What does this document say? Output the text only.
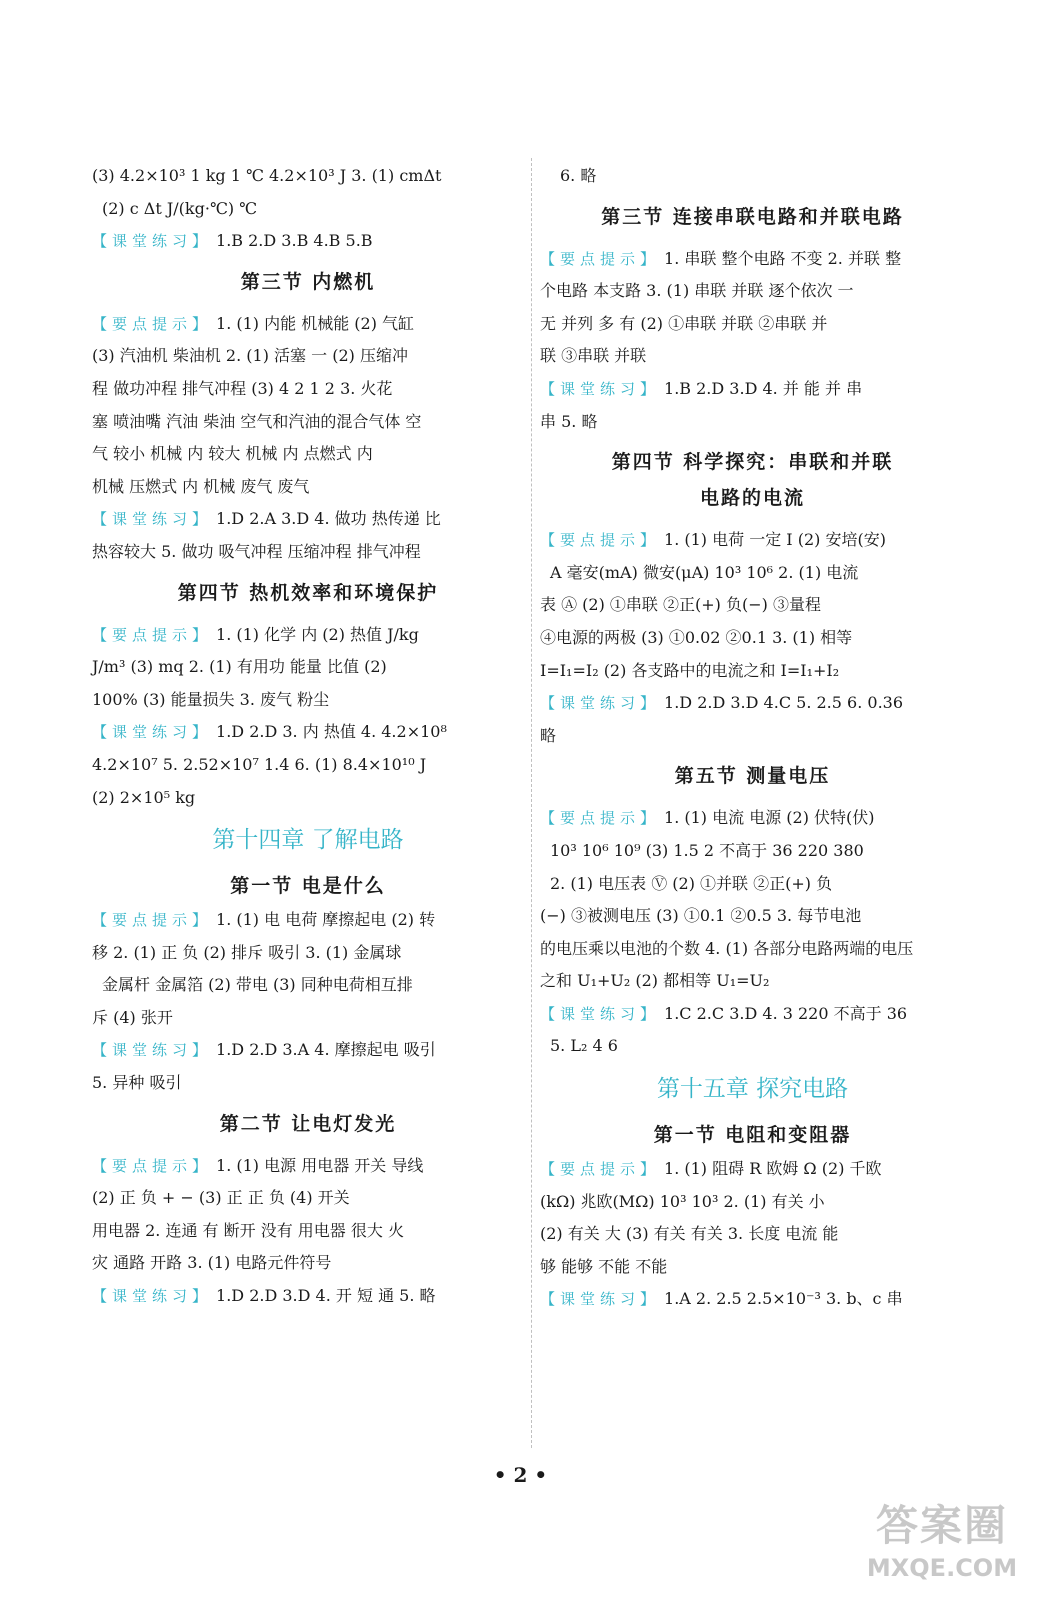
(3) 4.2×10³ 1 kg 1 ℃ 4.2×10³ J 3. (1) cmΔt

(2) c Δt J/(kg·℃) ℃

【课堂练习】 1.B 2.D 3.B 4.B 5.B

第三节 内燃机

【要点提示】 1. (1) 内能 机械能 (2) 气缸

(3) 汽油机 柴油机 2. (1) 活塞 一 (2) 压缩冲

程 做功冲程 排气冲程 (3) 4 2 1 2 3. 火花

塞 喷油嘴 汽油 柴油 空气和汽油的混合气体 空

气 较小 机械 内 较大 机械 内 点燃式 内

机械 压燃式 内 机械 废气 废气

【课堂练习】 1.D 2.A 3.D 4. 做功 热传递 比

热容较大 5. 做功 吸气冲程 压缩冲程 排气冲程

第四节 热机效率和环境保护

【要点提示】 1. (1) 化学 内 (2) 热值 J/kg

J/m³ (3) mq 2. (1) 有用功 能量 比值 (2)

100% (3) 能量损失 3. 废气 粉尘

【课堂练习】 1.D 2.D 3. 内 热值 4. 4.2×10⁸

4.2×10⁷ 5. 2.52×10⁷ 1.4 6. (1) 8.4×10¹⁰ J

(2) 2×10⁵ kg

第十四章 了解电路
第一节 电是什么

【要点提示】 1. (1) 电 电荷 摩擦起电 (2) 转

移 2. (1) 正 负 (2) 排斥 吸引 3. (1) 金属球

金属杆 金属箔 (2) 带电 (3) 同种电荷相互排

斥 (4) 张开

【课堂练习】 1.D 2.D 3.A 4. 摩擦起电 吸引

5. 异种 吸引

第二节 让电灯发光

【要点提示】 1. (1) 电源 用电器 开关 导线

(2) 正 负 + − (3) 正 正 负 (4) 开关

用电器 2. 连通 有 断开 没有 用电器 很大 火

灾 通路 开路 3. (1) 电路元件符号

【课堂练习】 1.D 2.D 3.D 4. 开 短 通 5. 略

6. 略

第三节 连接串联电路和并联电路

【要点提示】 1. 串联 整个电路 不变 2. 并联 整

个电路 本支路 3. (1) 串联 并联 逐个依次 一

无 并列 多 有 (2) ①串联 并联 ②串联 并

联 ③串联 并联

【课堂练习】 1.B 2.D 3.D 4. 并 能 并 串

串 5. 略

第四节 科学探究：串联和并联
电路的电流

【要点提示】 1. (1) 电荷 一定 I (2) 安培(安)

A 毫安(mA) 微安(μA) 10³ 10⁶ 2. (1) 电流

表 Ⓐ (2) ①串联 ②正(+) 负(−) ③量程

④电源的两极 (3) ①0.02 ②0.1 3. (1) 相等

I=I₁=I₂ (2) 各支路中的电流之和 I=I₁+I₂

【课堂练习】 1.D 2.D 3.D 4.C 5. 2.5 6. 0.36

略

第五节 测量电压

【要点提示】 1. (1) 电流 电源 (2) 伏特(伏)

10³ 10⁶ 10⁹ (3) 1.5 2 不高于 36 220 380

2. (1) 电压表 Ⓥ (2) ①并联 ②正(+) 负

(−) ③被测电压 (3) ①0.1 ②0.5 3. 每节电池

的电压乘以电池的个数 4. (1) 各部分电路两端的电压

之和 U₁+U₂ (2) 都相等 U₁=U₂

【课堂练习】 1.C 2.C 3.D 4. 3 220 不高于 36

5. L₂ 4 6

第十五章 探究电路
第一节 电阻和变阻器

【要点提示】 1. (1) 阻碍 R 欧姆 Ω (2) 千欧

(kΩ) 兆欧(MΩ) 10³ 10³ 2. (1) 有关 小

(2) 有关 大 (3) 有关 有关 3. 长度 电流 能

够 能够 不能 不能

【课堂练习】 1.A 2. 2.5 2.5×10⁻³ 3. b、c 串

• 2 •
答案圈
MXQE.COM
